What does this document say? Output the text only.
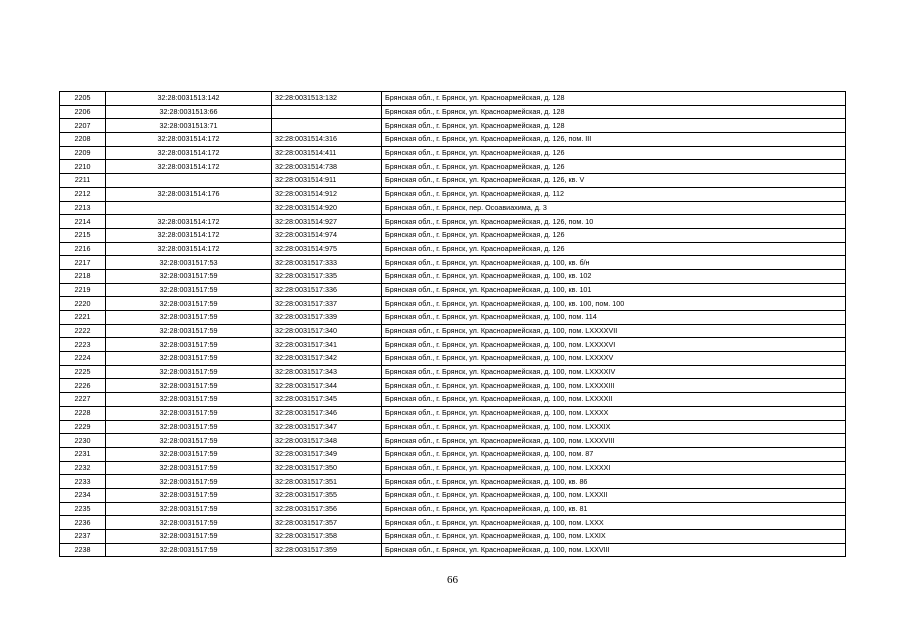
2205	32:28:0031513:142	32:28:0031513:132	Брянская обл., г. Брянск, ул. Красноармейская, д. 128
2206	32:28:0031513:66		Брянская обл., г. Брянск, ул. Красноармейская, д. 128
2207	32:28:0031513:71		Брянская обл., г. Брянск, ул. Красноармейская, д. 128
2208	32:28:0031514:172	32:28:0031514:316	Брянская обл., г. Брянск, ул. Красноармейская, д. 126, пом. III
2209	32:28:0031514:172	32:28:0031514:411	Брянская обл., г. Брянск, ул. Красноармейская, д. 126
2210	32:28:0031514:172	32:28:0031514:738	Брянская обл., г. Брянск, ул. Красноармейская, д. 126
2211		32:28:0031514:911	Брянская обл., г. Брянск, ул. Красноармейская, д. 126, кв. V
2212	32:28:0031514:176	32:28:0031514:912	Брянская обл., г. Брянск, ул. Красноармейская, д. 112
2213		32:28:0031514:920	Брянская обл., г. Брянск, пер. Осоавиахима, д. 3
2214	32:28:0031514:172	32:28:0031514:927	Брянская обл., г. Брянск, ул. Красноармейская, д. 126, пом. 10
2215	32:28:0031514:172	32:28:0031514:974	Брянская обл., г. Брянск, ул. Красноармейская, д. 126
2216	32:28:0031514:172	32:28:0031514:975	Брянская обл., г. Брянск, ул. Красноармейская, д. 126
2217	32:28:0031517:53	32:28:0031517:333	Брянская обл., г. Брянск, ул. Красноармейская, д. 100, кв. б/н
2218	32:28:0031517:59	32:28:0031517:335	Брянская обл., г. Брянск, ул. Красноармейская, д. 100, кв. 102
2219	32:28:0031517:59	32:28:0031517:336	Брянская обл., г. Брянск, ул. Красноармейская, д. 100, кв. 101
2220	32:28:0031517:59	32:28:0031517:337	Брянская обл., г. Брянск, ул. Красноармейская, д. 100, кв. 100, пом. 100
2221	32:28:0031517:59	32:28:0031517:339	Брянская обл., г. Брянск, ул. Красноармейская, д. 100, пом. 114
2222	32:28:0031517:59	32:28:0031517:340	Брянская обл., г. Брянск, ул. Красноармейская, д. 100, пом. LXXXXVII
2223	32:28:0031517:59	32:28:0031517:341	Брянская обл., г. Брянск, ул. Красноармейская, д. 100, пом. LXXXXVI
2224	32:28:0031517:59	32:28:0031517:342	Брянская обл., г. Брянск, ул. Красноармейская, д. 100, пом. LXXXXV
2225	32:28:0031517:59	32:28:0031517:343	Брянская обл., г. Брянск, ул. Красноармейская, д. 100, пом. LXXXXIV
2226	32:28:0031517:59	32:28:0031517:344	Брянская обл., г. Брянск, ул. Красноармейская, д. 100, пом. LXXXXIII
2227	32:28:0031517:59	32:28:0031517:345	Брянская обл., г. Брянск, ул. Красноармейская, д. 100, пом. LXXXXII
2228	32:28:0031517:59	32:28:0031517:346	Брянская обл., г. Брянск, ул. Красноармейская, д. 100, пом. LXXXX
2229	32:28:0031517:59	32:28:0031517:347	Брянская обл., г. Брянск, ул. Красноармейская, д. 100, пом. LXXXIX
2230	32:28:0031517:59	32:28:0031517:348	Брянская обл., г. Брянск, ул. Красноармейская, д. 100, пом. LXXXVIII
2231	32:28:0031517:59	32:28:0031517:349	Брянская обл., г. Брянск, ул. Красноармейская, д. 100, пом. 87
2232	32:28:0031517:59	32:28:0031517:350	Брянская обл., г. Брянск, ул. Красноармейская, д. 100, пом. LXXXXI
2233	32:28:0031517:59	32:28:0031517:351	Брянская обл., г. Брянск, ул. Красноармейская, д. 100, кв. 86
2234	32:28:0031517:59	32:28:0031517:355	Брянская обл., г. Брянск, ул. Красноармейская, д. 100, пом. LXXXII
2235	32:28:0031517:59	32:28:0031517:356	Брянская обл., г. Брянск, ул. Красноармейская, д. 100, кв. 81
2236	32:28:0031517:59	32:28:0031517:357	Брянская обл., г. Брянск, ул. Красноармейская, д. 100, пом. LXXX
2237	32:28:0031517:59	32:28:0031517:358	Брянская обл., г. Брянск, ул. Красноармейская, д. 100, пом. LXXIX
2238	32:28:0031517:59	32:28:0031517:359	Брянская обл., г. Брянск, ул. Красноармейская, д. 100, пом. LXXVIII
66
